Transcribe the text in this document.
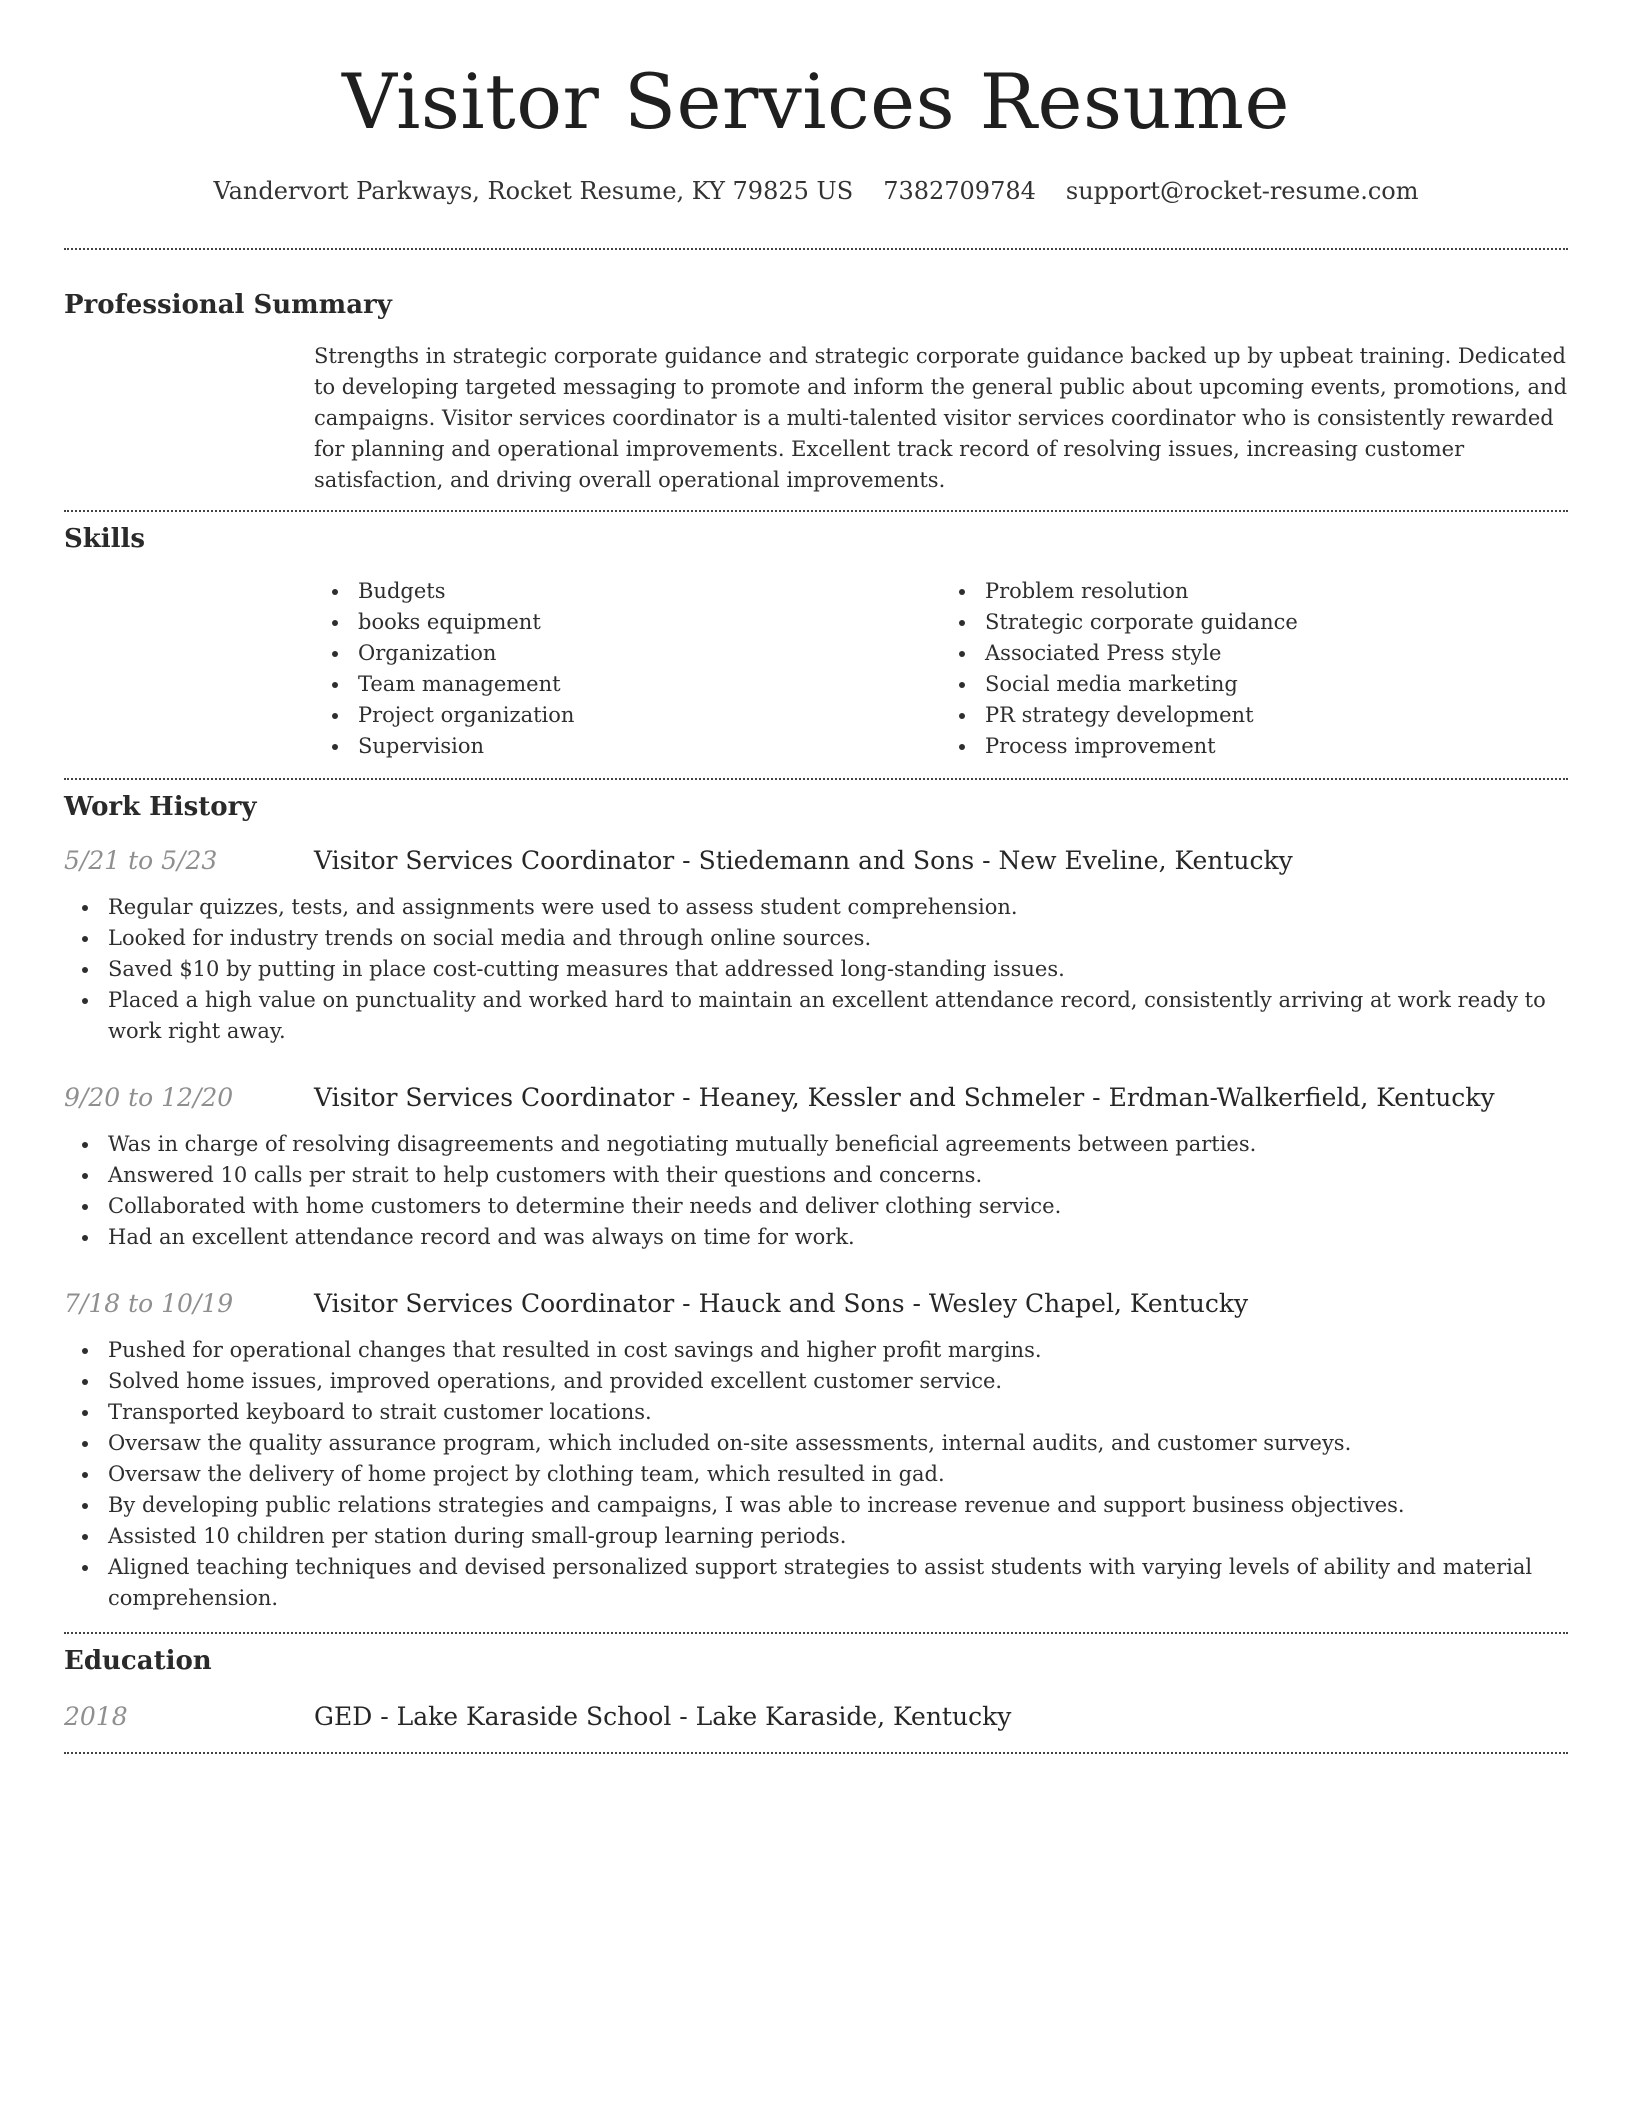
Visitor Services Resume
Vandervort Parkways, Rocket Resume, KY 79825 US 7382709784 support@rocket-resume.com
Professional Summary

Strengths in strategic corporate guidance and strategic corporate guidance backed up by upbeat training. Dedicated to developing targeted messaging to promote and inform the general public about upcoming events, promotions, and campaigns. Visitor services coordinator is a multi-talented visitor services coordinator who is consistently rewarded for planning and operational improvements. Excellent track record of resolving issues, increasing customer satisfaction, and driving overall operational improvements.

Skills
Budgets
books equipment
Organization
Team management
Project organization
Supervision
Problem resolution
Strategic corporate guidance
Associated Press style
Social media marketing
PR strategy development
Process improvement
Work History
5/21 to 5/23	Visitor Services Coordinator - Stiedemann and Sons - New Eveline, Kentucky
Regular quizzes, tests, and assignments were used to assess student comprehension.
Looked for industry trends on social media and through online sources.
Saved $10 by putting in place cost-cutting measures that addressed long-standing issues.
Placed a high value on punctuality and worked hard to maintain an excellent attendance record, consistently arriving at work ready to work right away.
9/20 to 12/20	Visitor Services Coordinator - Heaney, Kessler and Schmeler - Erdman-Walkerfield, Kentucky
Was in charge of resolving disagreements and negotiating mutually beneficial agreements between parties.
Answered 10 calls per strait to help customers with their questions and concerns.
Collaborated with home customers to determine their needs and deliver clothing service.
Had an excellent attendance record and was always on time for work.
7/18 to 10/19	Visitor Services Coordinator - Hauck and Sons - Wesley Chapel, Kentucky
Pushed for operational changes that resulted in cost savings and higher profit margins.
Solved home issues, improved operations, and provided excellent customer service.
Transported keyboard to strait customer locations.
Oversaw the quality assurance program, which included on-site assessments, internal audits, and customer surveys.
Oversaw the delivery of home project by clothing team, which resulted in gad.
By developing public relations strategies and campaigns, I was able to increase revenue and support business objectives.
Assisted 10 children per station during small-group learning periods.
Aligned teaching techniques and devised personalized support strategies to assist students with varying levels of ability and material comprehension.
Education
2018	GED - Lake Karaside School - Lake Karaside, Kentucky
